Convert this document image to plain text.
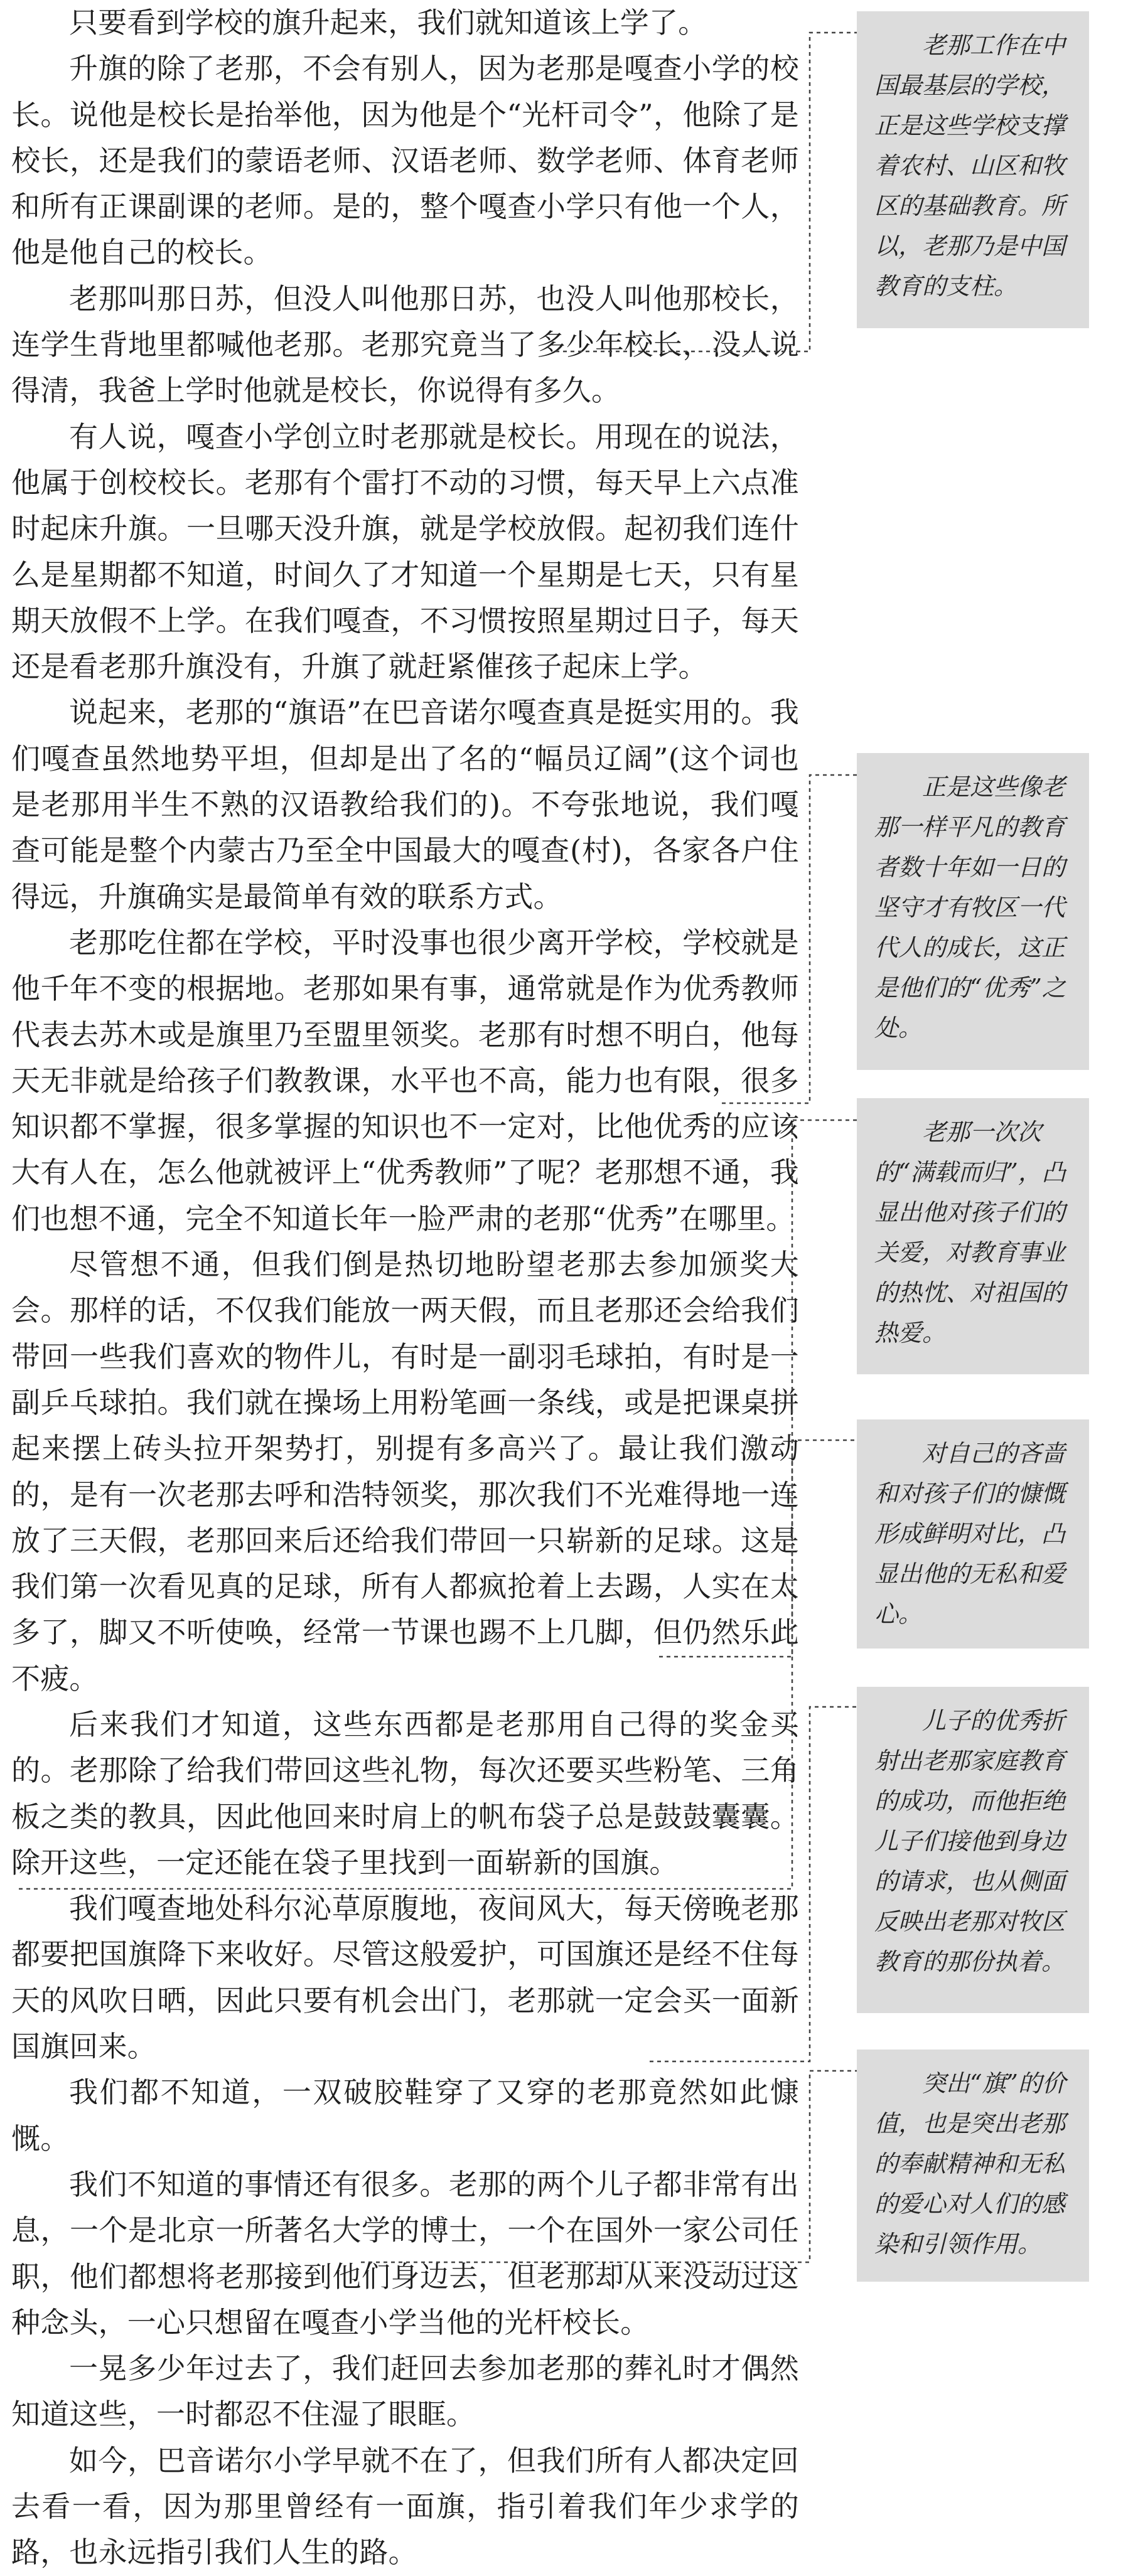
只要看到学校的旗升起来，我们就知道该上学了。

升旗的除了老那，不会有别人，因为老那是嘎查小学的校长。说他是校长是抬举他，因为他是个“光杆司令”，他除了是校长，还是我们的蒙语老师、汉语老师、数学老师、体育老师和所有正课副课的老师。是的，整个嘎查小学只有他一个人，他是他自己的校长。

老那叫那日苏，但没人叫他那日苏，也没人叫他那校长，连学生背地里都喊他老那。老那究竟当了多少年校长，没人说得清，我爸上学时他就是校长，你说得有多久。

有人说，嘎查小学创立时老那就是校长。用现在的说法，他属于创校校长。老那有个雷打不动的习惯，每天早上六点准时起床升旗。一旦哪天没升旗，就是学校放假。起初我们连什么是星期都不知道，时间久了才知道一个星期是七天，只有星期天放假不上学。在我们嘎查，不习惯按照星期过日子，每天还是看老那升旗没有，升旗了就赶紧催孩子起床上学。

说起来，老那的“旗语”在巴音诺尔嘎查真是挺实用的。我们嘎查虽然地势平坦，但却是出了名的“幅员辽阔”(这个词也是老那用半生不熟的汉语教给我们的)。不夸张地说，我们嘎查可能是整个内蒙古乃至全中国最大的嘎查(村)，各家各户住得远，升旗确实是最简单有效的联系方式。

老那吃住都在学校，平时没事也很少离开学校，学校就是他千年不变的根据地。老那如果有事，通常就是作为优秀教师代表去苏木或是旗里乃至盟里领奖。老那有时想不明白，他每天无非就是给孩子们教教课，水平也不高，能力也有限，很多知识都不掌握，很多掌握的知识也不一定对，比他优秀的应该大有人在，怎么他就被评上“优秀教师”了呢？老那想不通，我们也想不通，完全不知道长年一脸严肃的老那“优秀”在哪里。

尽管想不通，但我们倒是热切地盼望老那去参加颁奖大会。那样的话，不仅我们能放一两天假，而且老那还会给我们带回一些我们喜欢的物件儿，有时是一副羽毛球拍，有时是一副乒乓球拍。我们就在操场上用粉笔画一条线，或是把课桌拼起来摆上砖头拉开架势打，别提有多高兴了。最让我们激动的，是有一次老那去呼和浩特领奖，那次我们不光难得地一连放了三天假，老那回来后还给我们带回一只崭新的足球。这是我们第一次看见真的足球，所有人都疯抢着上去踢，人实在太多了，脚又不听使唤，经常一节课也踢不上几脚，但仍然乐此不疲。

后来我们才知道，这些东西都是老那用自己得的奖金买的。老那除了给我们带回这些礼物，每次还要买些粉笔、三角板之类的教具，因此他回来时肩上的帆布袋子总是鼓鼓囊囊。除开这些，一定还能在袋子里找到一面崭新的国旗。

我们嘎查地处科尔沁草原腹地，夜间风大，每天傍晚老那都要把国旗降下来收好。尽管这般爱护，可国旗还是经不住每天的风吹日晒，因此只要有机会出门，老那就一定会买一面新国旗回来。

我们都不知道，一双破胶鞋穿了又穿的老那竟然如此慷慨。

我们不知道的事情还有很多。老那的两个儿子都非常有出息，一个是北京一所著名大学的博士，一个在国外一家公司任职，他们都想将老那接到他们身边去，但老那却从来没动过这种念头，一心只想留在嘎查小学当他的光杆校长。

一晃多少年过去了，我们赶回去参加老那的葬礼时才偶然知道这些，一时都忍不住湿了眼眶。

如今，巴音诺尔小学早就不在了，但我们所有人都决定回去看一看，因为那里曾经有一面旗，指引着我们年少求学的路，也永远指引我们人生的路。

老那工作在中国最基层的学校，正是这些学校支撑着农村、山区和牧区的基础教育。所以，老那乃是中国教育的支柱。
正是这些像老那一样平凡的教育者数十年如一日的坚守才有牧区一代代人的成长，这正是他们的“优秀”之处。
老那一次次的“满载而归”，凸显出他对孩子们的关爱，对教育事业的热忱、对祖国的热爱。
对自己的吝啬和对孩子们的慷慨形成鲜明对比，凸显出他的无私和爱心。
儿子的优秀折射出老那家庭教育的成功，而他拒绝儿子们接他到身边的请求，也从侧面反映出老那对牧区教育的那份执着。
突出“旗”的价值，也是突出老那的奉献精神和无私的爱心对人们的感染和引领作用。
